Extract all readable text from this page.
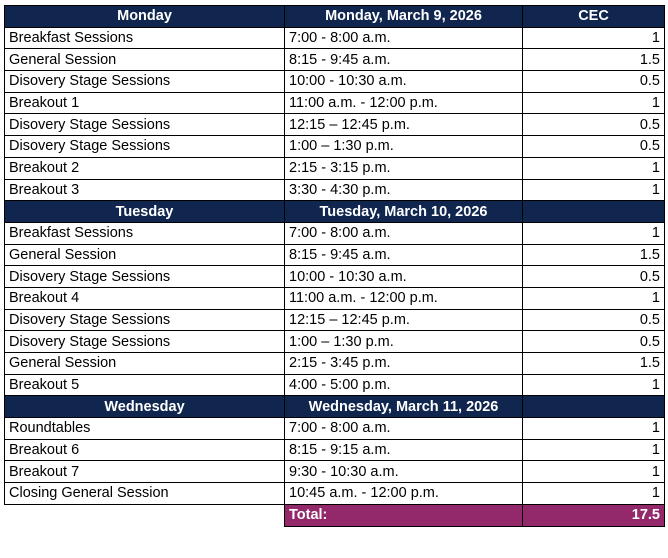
Monday	Monday, March 9, 2026	CEC
Breakfast Sessions	7:00 - 8:00 a.m.	1
General Session	8:15 - 9:45 a.m.	1.5
Disovery Stage Sessions	10:00 - 10:30 a.m.	0.5
Breakout 1	11:00 a.m. - 12:00 p.m.	1
Disovery Stage Sessions	12:15 – 12:45 p.m.	0.5
Disovery Stage Sessions	1:00 – 1:30 p.m.	0.5
Breakout 2	2:15 - 3:15 p.m.	1
Breakout 3	3:30 - 4:30 p.m.	1
Tuesday	Tuesday, March 10, 2026	
Breakfast Sessions	7:00 - 8:00 a.m.	1
General Session	8:15 - 9:45 a.m.	1.5
Disovery Stage Sessions	10:00 - 10:30 a.m.	0.5
Breakout 4	11:00 a.m. - 12:00 p.m.	1
Disovery Stage Sessions	12:15 – 12:45 p.m.	0.5
Disovery Stage Sessions	1:00 – 1:30 p.m.	0.5
General Session	2:15 - 3:45 p.m.	1.5
Breakout 5	4:00 - 5:00 p.m.	1
Wednesday	Wednesday, March 11, 2026	
Roundtables	7:00 - 8:00 a.m.	1
Breakout 6	8:15 - 9:15 a.m.	1
Breakout 7	9:30 - 10:30 a.m.	1
Closing General Session	10:45 a.m. - 12:00 p.m.	1
	Total:	17.5
